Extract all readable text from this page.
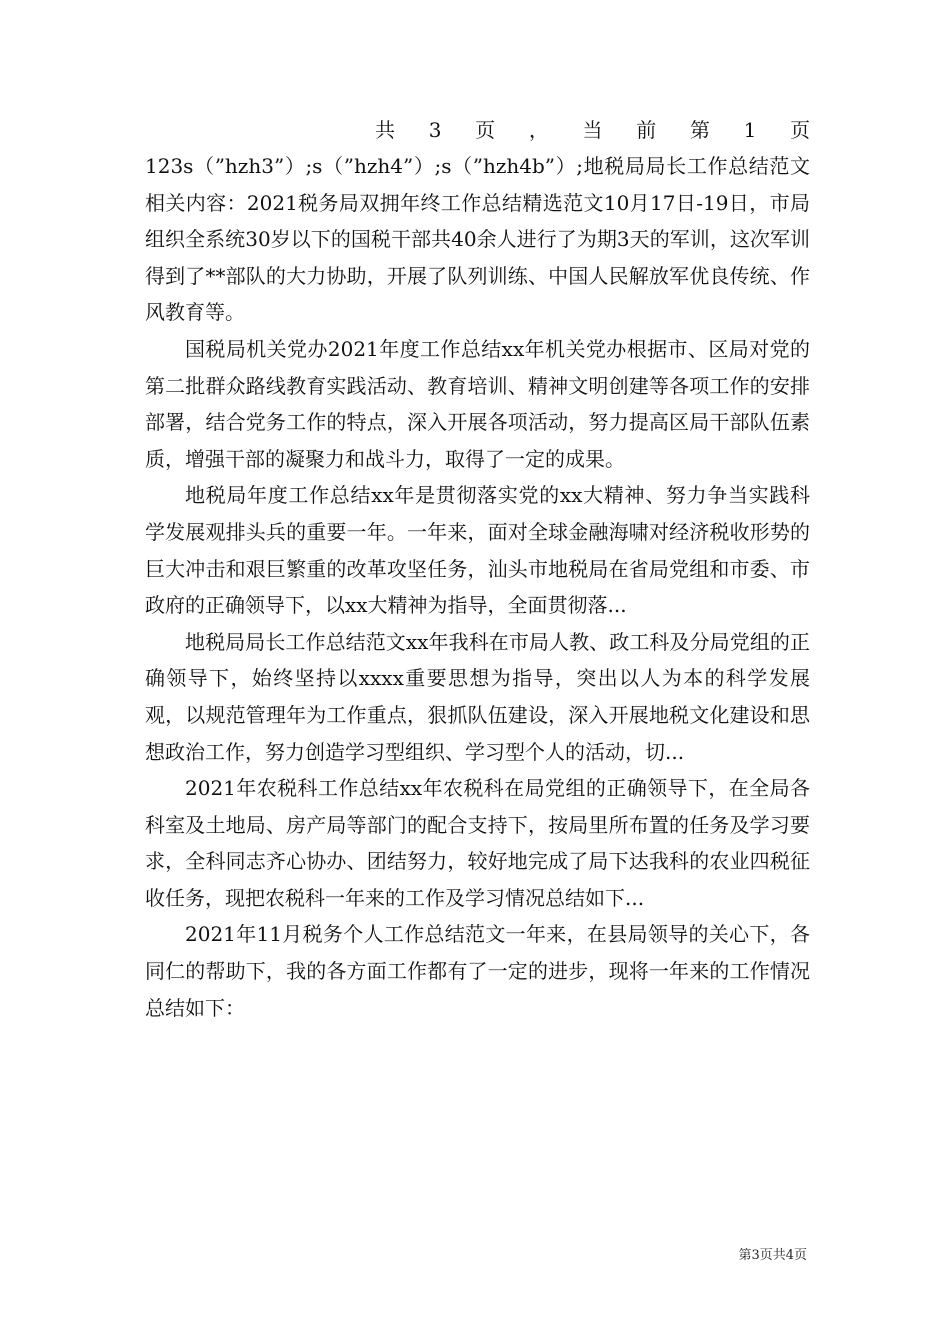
共 3 页 ， 当 前 第 1 页

123s（”hzh3”）;s（”hzh4”）;s（”hzh4b”）;地税局局长工作总结范文相关内容：2021税务局双拥年终工作总结精选范文10月17日-19日，市局组织全系统30岁以下的国税干部共40余人进行了为期3天的军训，这次军训得到了**部队的大力协助，开展了队列训练、中国人民解放军优良传统、作风教育等。

国税局机关党办2021年度工作总结xx年机关党办根据市、区局对党的第二批群众路线教育实践活动、教育培训、精神文明创建等各项工作的安排部署，结合党务工作的特点，深入开展各项活动，努力提高区局干部队伍素质，增强干部的凝聚力和战斗力，取得了一定的成果。

地税局年度工作总结xx年是贯彻落实党的xx大精神、努力争当实践科学发展观排头兵的重要一年。一年来，面对全球金融海啸对经济税收形势的巨大冲击和艰巨繁重的改革攻坚任务，汕头市地税局在省局党组和市委、市政府的正确领导下，以xx大精神为指导，全面贯彻落...

地税局局长工作总结范文xx年我科在市局人教、政工科及分局党组的正确领导下，始终坚持以xxxx重要思想为指导，突出以人为本的科学发展观，以规范管理年为工作重点，狠抓队伍建设，深入开展地税文化建设和思想政治工作，努力创造学习型组织、学习型个人的活动，切...

2021年农税科工作总结xx年农税科在局党组的正确领导下，在全局各科室及土地局、房产局等部门的配合支持下，按局里所布置的任务及学习要求，全科同志齐心协办、团结努力，较好地完成了局下达我科的农业四税征收任务，现把农税科一年来的工作及学习情况总结如下...

2021年11月税务个人工作总结范文一年来，在县局领导的关心下，各同仁的帮助下，我的各方面工作都有了一定的进步，现将一年来的工作情况总结如下：

第3页共4页
